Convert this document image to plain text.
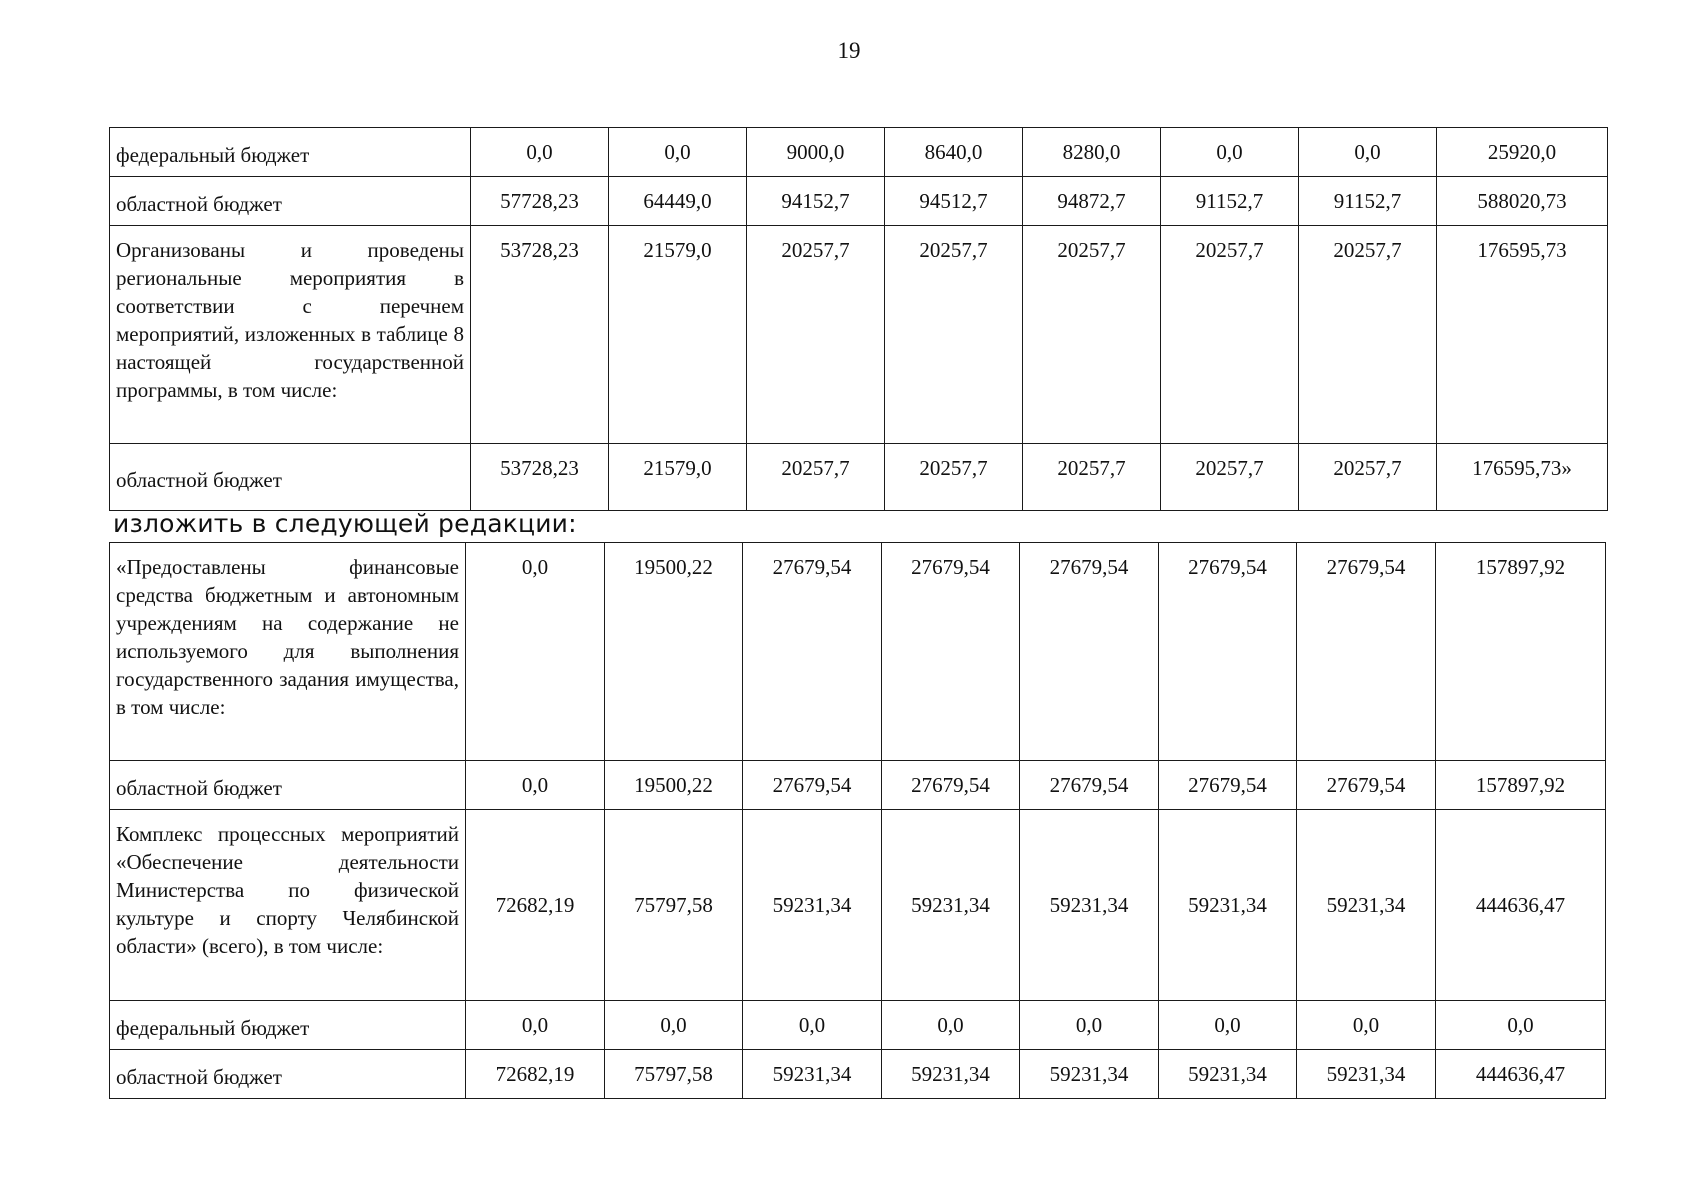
19
федеральный бюджет	0,0	0,0	9000,0	8640,0	8280,0	0,0	0,0	25920,0
областной бюджет	57728,23	64449,0	94152,7	94512,7	94872,7	91152,7	91152,7	588020,73
Организованы и проведены региональные мероприятия в соответствии с перечнем мероприятий, изложенных в таблице 8 настоящей государственной программы, в том числе:	53728,23	21579,0	20257,7	20257,7	20257,7	20257,7	20257,7	176595,73
областной бюджет	53728,23	21579,0	20257,7	20257,7	20257,7	20257,7	20257,7	176595,73»
изложить в следующей редакции:
«Предоставлены финансовые средства бюджетным и автономным учреждениям на содержание не используемого для выполнения государственного задания имущества, в том числе:	0,0	19500,22	27679,54	27679,54	27679,54	27679,54	27679,54	157897,92
областной бюджет	0,0	19500,22	27679,54	27679,54	27679,54	27679,54	27679,54	157897,92
Комплекс процессных мероприятий «Обеспечение деятельности Министерства по физической культуре и спорту Челябинской области» (всего), в том числе:	72682,19	75797,58	59231,34	59231,34	59231,34	59231,34	59231,34	444636,47
федеральный бюджет	0,0	0,0	0,0	0,0	0,0	0,0	0,0	0,0
областной бюджет	72682,19	75797,58	59231,34	59231,34	59231,34	59231,34	59231,34	444636,47
